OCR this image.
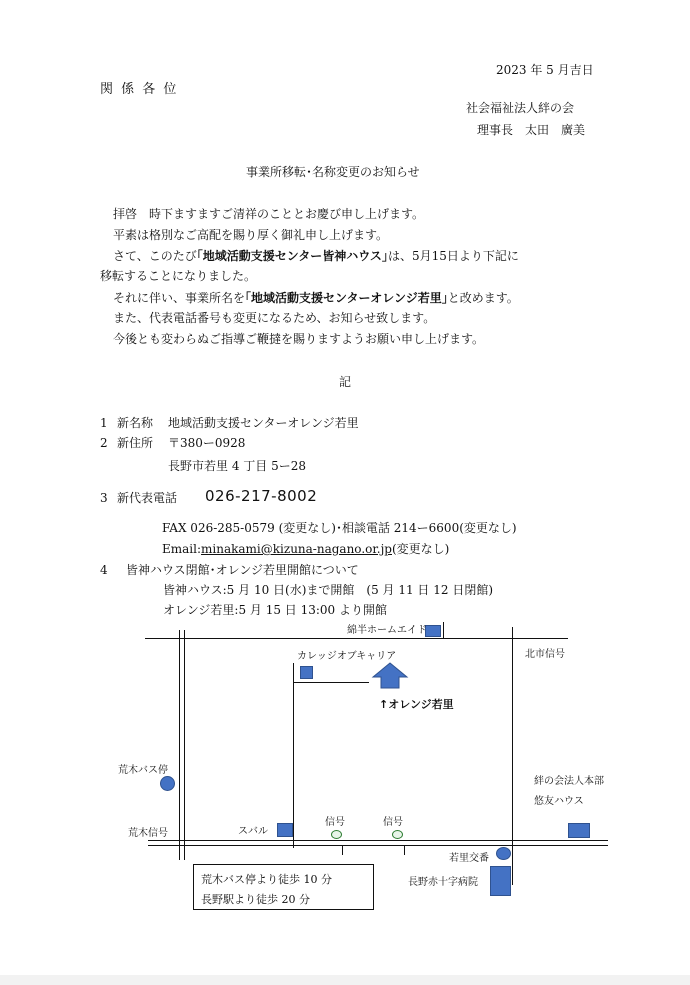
2023 年 5 月吉日
関 係 各 位
社会福祉法人絆の会
理事長　太田　廣美
事業所移転･名称変更のお知らせ
拝啓　時下ますますご清祥のこととお慶び申し上げます。
平素は格別なご高配を賜り厚く御礼申し上げます。
さて、このたび｢地域活動支援センター皆神ハウス｣は、5月15日より下記に
移転することになりました。
それに伴い、事業所名を｢地域活動支援センターオレンジ若里｣と改めます。
また、代表電話番号も変更になるため、お知らせ致します。
今後とも変わらぬご指導ご鞭撻を賜りますようお願い申し上げます。
記
1 新名称 地域活動支援センターオレンジ若里
2 新住所 〒380ー0928
長野市若里 4 丁目 5ー28
3 新代表電話 026-217-8002
FAX 026-285-0579 (変更なし)･相談電話 214ー6600(変更なし)
Email:minakami@kizuna-nagano.or.jp(変更なし)
4 皆神ハウス閉館･オレンジ若里開館について
皆神ハウス:5 月 10 日(水)まで開館　(5 月 11 日 12 日閉館)
オレンジ若里:5 月 15 日 13:00 より開館
綿半ホームエイド
カレッジオブキャリア	北市信号
↑オレンジ若里
荒木バス停
絆の会法人本部
悠友ハウス
荒木信号	スバル
信号	信号
若里交番
長野赤十字病院
荒木バス停より徒歩 10 分
長野駅より徒歩 20 分
